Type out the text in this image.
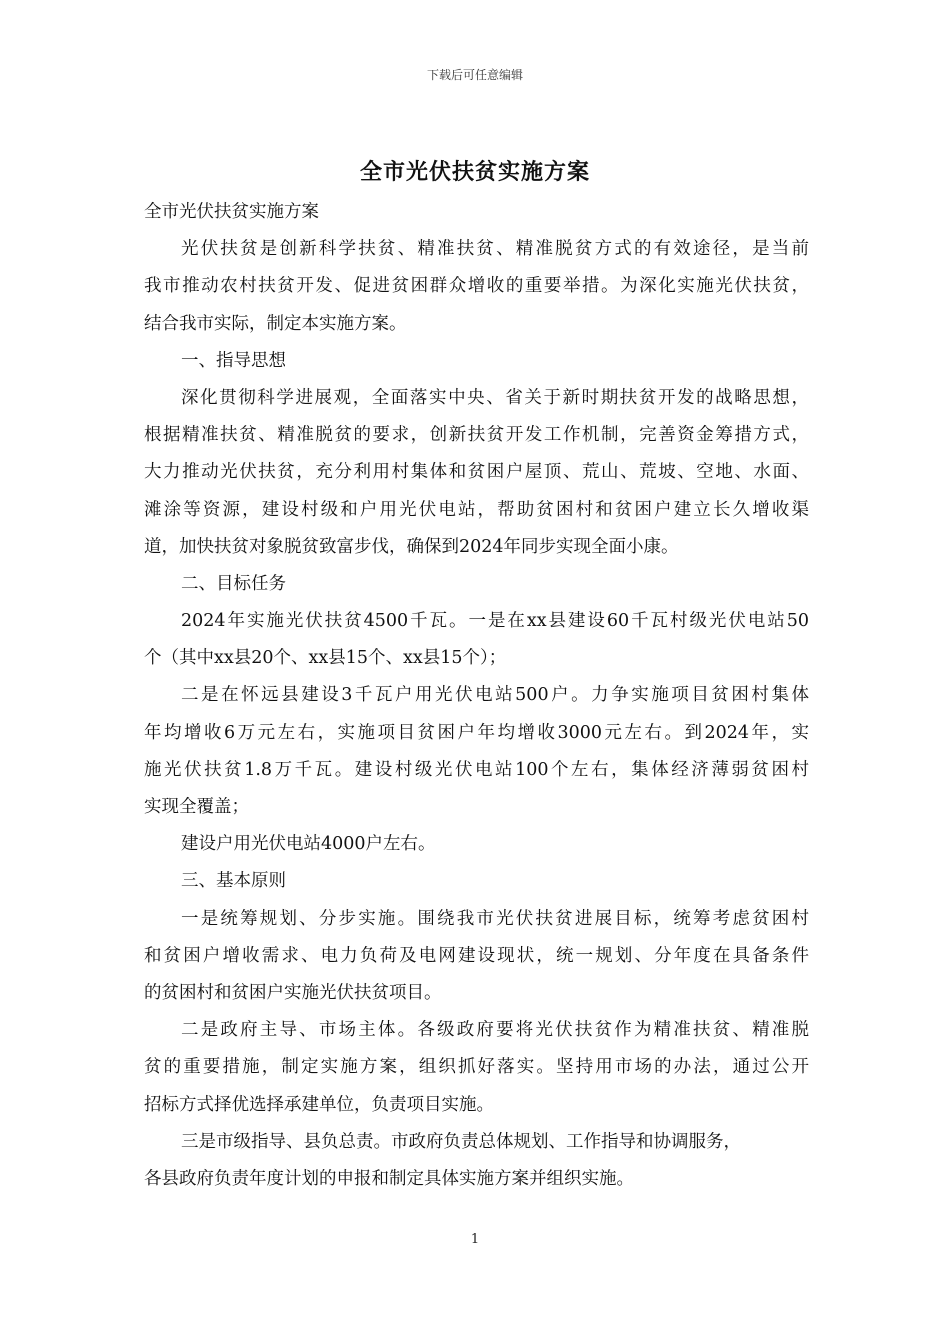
下载后可任意编辑
全市光伏扶贫实施方案
全市光伏扶贫实施方案
光伏扶贫是创新科学扶贫、精准扶贫、精准脱贫方式的有效途径，是当前
我市推动农村扶贫开发、促进贫困群众增收的重要举措。为深化实施光伏扶贫，
结合我市实际，制定本实施方案。
一、指导思想
深化贯彻科学进展观，全面落实中央、省关于新时期扶贫开发的战略思想，
根据精准扶贫、精准脱贫的要求，创新扶贫开发工作机制，完善资金筹措方式，
大力推动光伏扶贫，充分利用村集体和贫困户屋顶、荒山、荒坡、空地、水面、
滩涂等资源，建设村级和户用光伏电站，帮助贫困村和贫困户建立长久增收渠
道，加快扶贫对象脱贫致富步伐，确保到2024年同步实现全面小康。
二、目标任务
2024年实施光伏扶贫4500千瓦。一是在xx县建设60千瓦村级光伏电站50
个（其中xx县20个、xx县15个、xx县15个）；
二是在怀远县建设3千瓦户用光伏电站500户。力争实施项目贫困村集体
年均增收6万元左右，实施项目贫困户年均增收3000元左右。到2024年，实
施光伏扶贫1.8万千瓦。建设村级光伏电站100个左右，集体经济薄弱贫困村
实现全覆盖；
建设户用光伏电站4000户左右。
三、基本原则
一是统筹规划、分步实施。围绕我市光伏扶贫进展目标，统筹考虑贫困村
和贫困户增收需求、电力负荷及电网建设现状，统一规划、分年度在具备条件
的贫困村和贫困户实施光伏扶贫项目。
二是政府主导、市场主体。各级政府要将光伏扶贫作为精准扶贫、精准脱
贫的重要措施，制定实施方案，组织抓好落实。坚持用市场的办法，通过公开
招标方式择优选择承建单位，负责项目实施。
三是市级指导、县负总责。市政府负责总体规划、工作指导和协调服务，
各县政府负责年度计划的申报和制定具体实施方案并组织实施。
1
